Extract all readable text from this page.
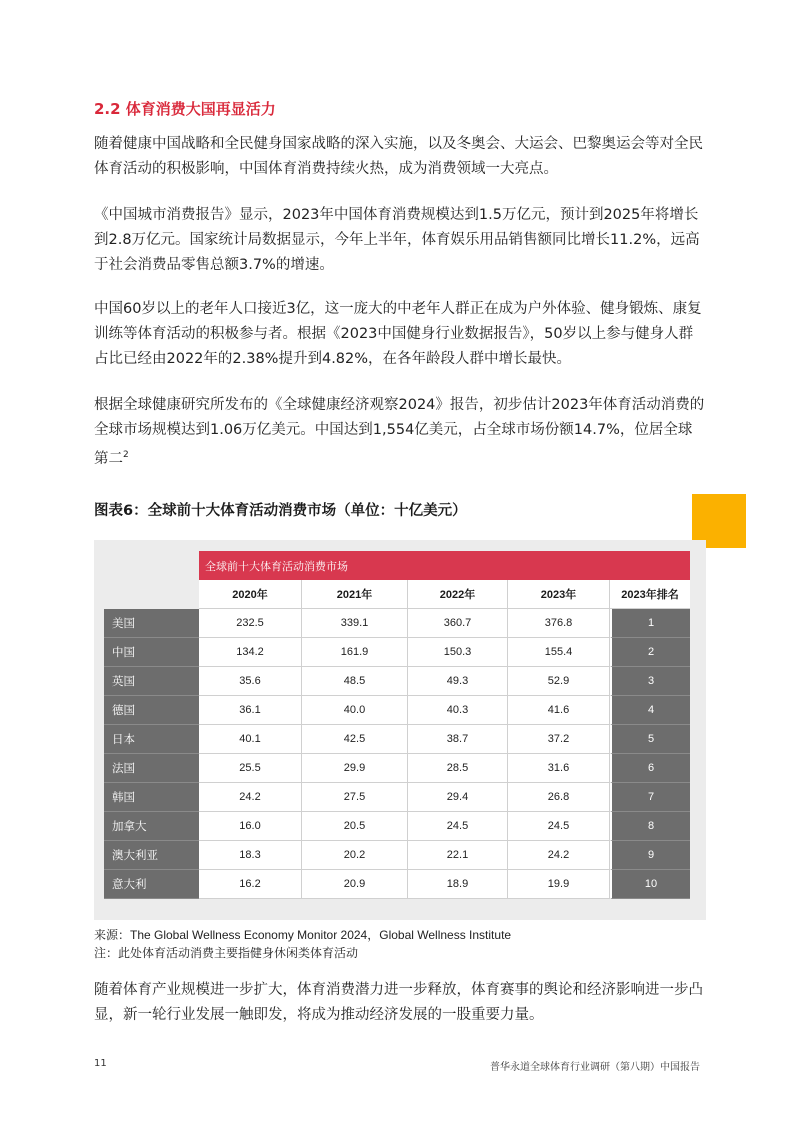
2.2 体育消费大国再显活力
随着健康中国战略和全民健身国家战略的深入实施，以及冬奥会、大运会、巴黎奥运会等对全民体育活动的积极影响，中国体育消费持续火热，成为消费领域一大亮点。
《中国城市消费报告》显示，2023年中国体育消费规模达到1.5万亿元，预计到2025年将增长到2.8万亿元。国家统计局数据显示，今年上半年，体育娱乐用品销售额同比增长11.2%，远高于社会消费品零售总额3.7%的增速。
中国60岁以上的老年人口接近3亿，这一庞大的中老年人群正在成为户外体验、健身锻炼、康复训练等体育活动的积极参与者。根据《2023中国健身行业数据报告》，50岁以上参与健身人群占比已经由2022年的2.38%提升到4.82%，在各年龄段人群中增长最快。
根据全球健康研究所发布的《全球健康经济观察2024》报告，初步估计2023年体育活动消费的全球市场规模达到1.06万亿美元。中国达到1,554亿美元，占全球市场份额14.7%，位居全球第二$^2$
图表6：全球前十大体育活动消费市场（单位：十亿美元）
	全球前十大体育活动消费市场				
	2020年	2021年	2022年	2023年	2023年排名
美国	232.5	339.1	360.7	376.8	1
中国	134.2	161.9	150.3	155.4	2
英国	35.6	48.5	49.3	52.9	3
德国	36.1	40.0	40.3	41.6	4
日本	40.1	42.5	38.7	37.2	5
法国	25.5	29.9	28.5	31.6	6
韩国	24.2	27.5	29.4	26.8	7
加拿大	16.0	20.5	24.5	24.5	8
澳大利亚	18.3	20.2	22.1	24.2	9
意大利	16.2	20.9	18.9	19.9	10
来源：The Global Wellness Economy Monitor 2024，Global Wellness Institute
注：此处体育活动消费主要指健身休闲类体育活动
随着体育产业规模进一步扩大，体育消费潜力进一步释放，体育赛事的舆论和经济影响进一步凸显，新一轮行业发展一触即发，将成为推动经济发展的一股重要力量。
11	普华永道全球体育行业调研（第八期）中国报告
